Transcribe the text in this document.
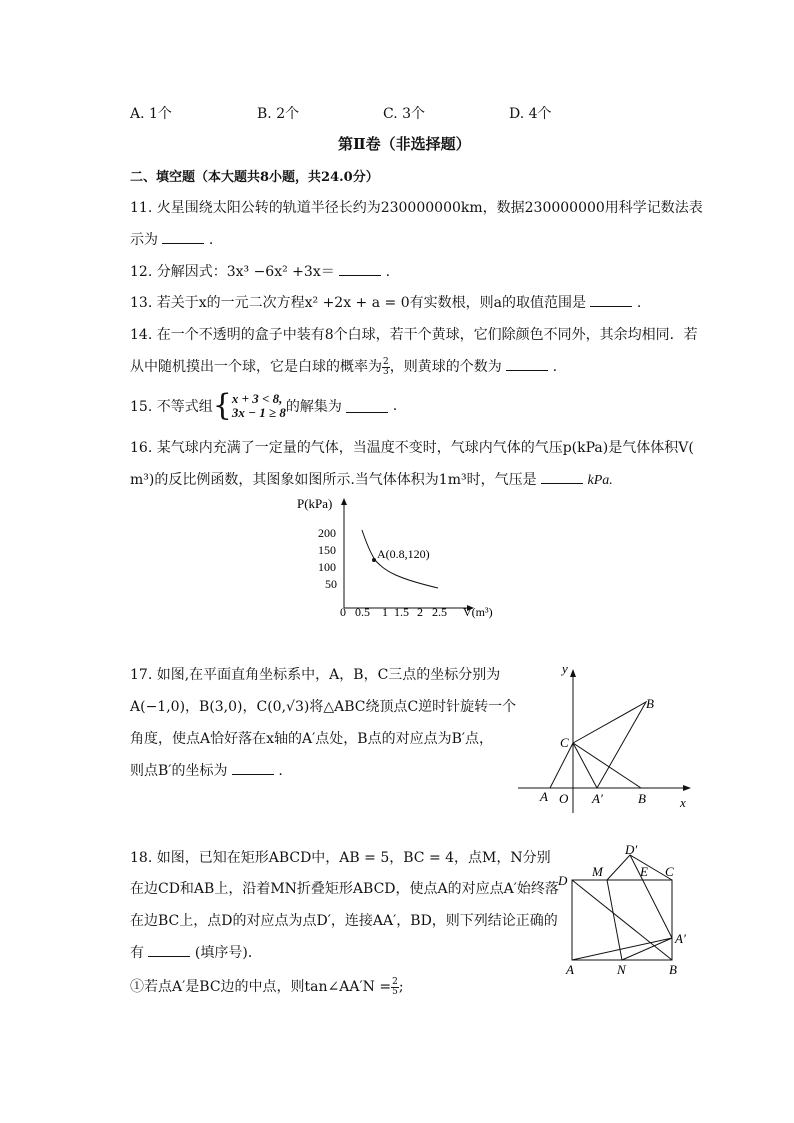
A. 1个	B. 2个	C. 3个	D. 4个
第Ⅱ卷（非选择题）
二、填空题（本大题共8小题，共24.0分）
11. 火星围绕太阳公转的轨道半径长约为230000000km，数据230000000用科学记数法表
示为	.
12. 分解因式：3x³ −6x² +3x＝	.
13. 若关于x的一元二次方程x² +2x + a = 0有实数根，则a的取值范围是	.
14. 在一个不透明的盒子中装有8个白球，若干个黄球，它们除颜色不同外，其余均相同．若
从中随机摸出一个球，它是白球的概率为 $\frac{2}{3}$ ，则黄球的个数为	.
15. 不等式组{ x + 3 < 8,
3x − 1 ≥ 8 的解集为	.
16. 某气球内充满了一定量的气体，当温度不变时，气球内气体的气压p(kPa)是气体体积V(
m³)的反比例函数，其图象如图所示.当气体体积为1m³时，气压是	kPa.
P(kPa)
200
150
100
50
0 0.5 1 1.5 2 2.5 V(m³)
A(0.8,120)
17. 如图,在平面直角坐标系中，A，B，C三点的坐标分别为
A(−1,0)，B(3,0)，C(0,√3)将△ABC绕顶点C逆时针旋转一个
角度，使点A恰好落在x轴的A′点处，B点的对应点为B′点，
则点B′的坐标为	.
y
x
A O A′	B
C
B
18. 如图，已知在矩形ABCD中，AB = 5，BC = 4，点M，N分别
在边CD和AB上，沿着MN折叠矩形ABCD，使点A的对应点A′始终落
在边BC上，点D的对应点为点D′，连接AA′，BD，则下列结论正确的
有	(填序号)．
①若点A′是BC边的中点，则tan∠AA′N = $\frac{2}{5}$ ;
D
M
D′
E C
A′
A	N	B
